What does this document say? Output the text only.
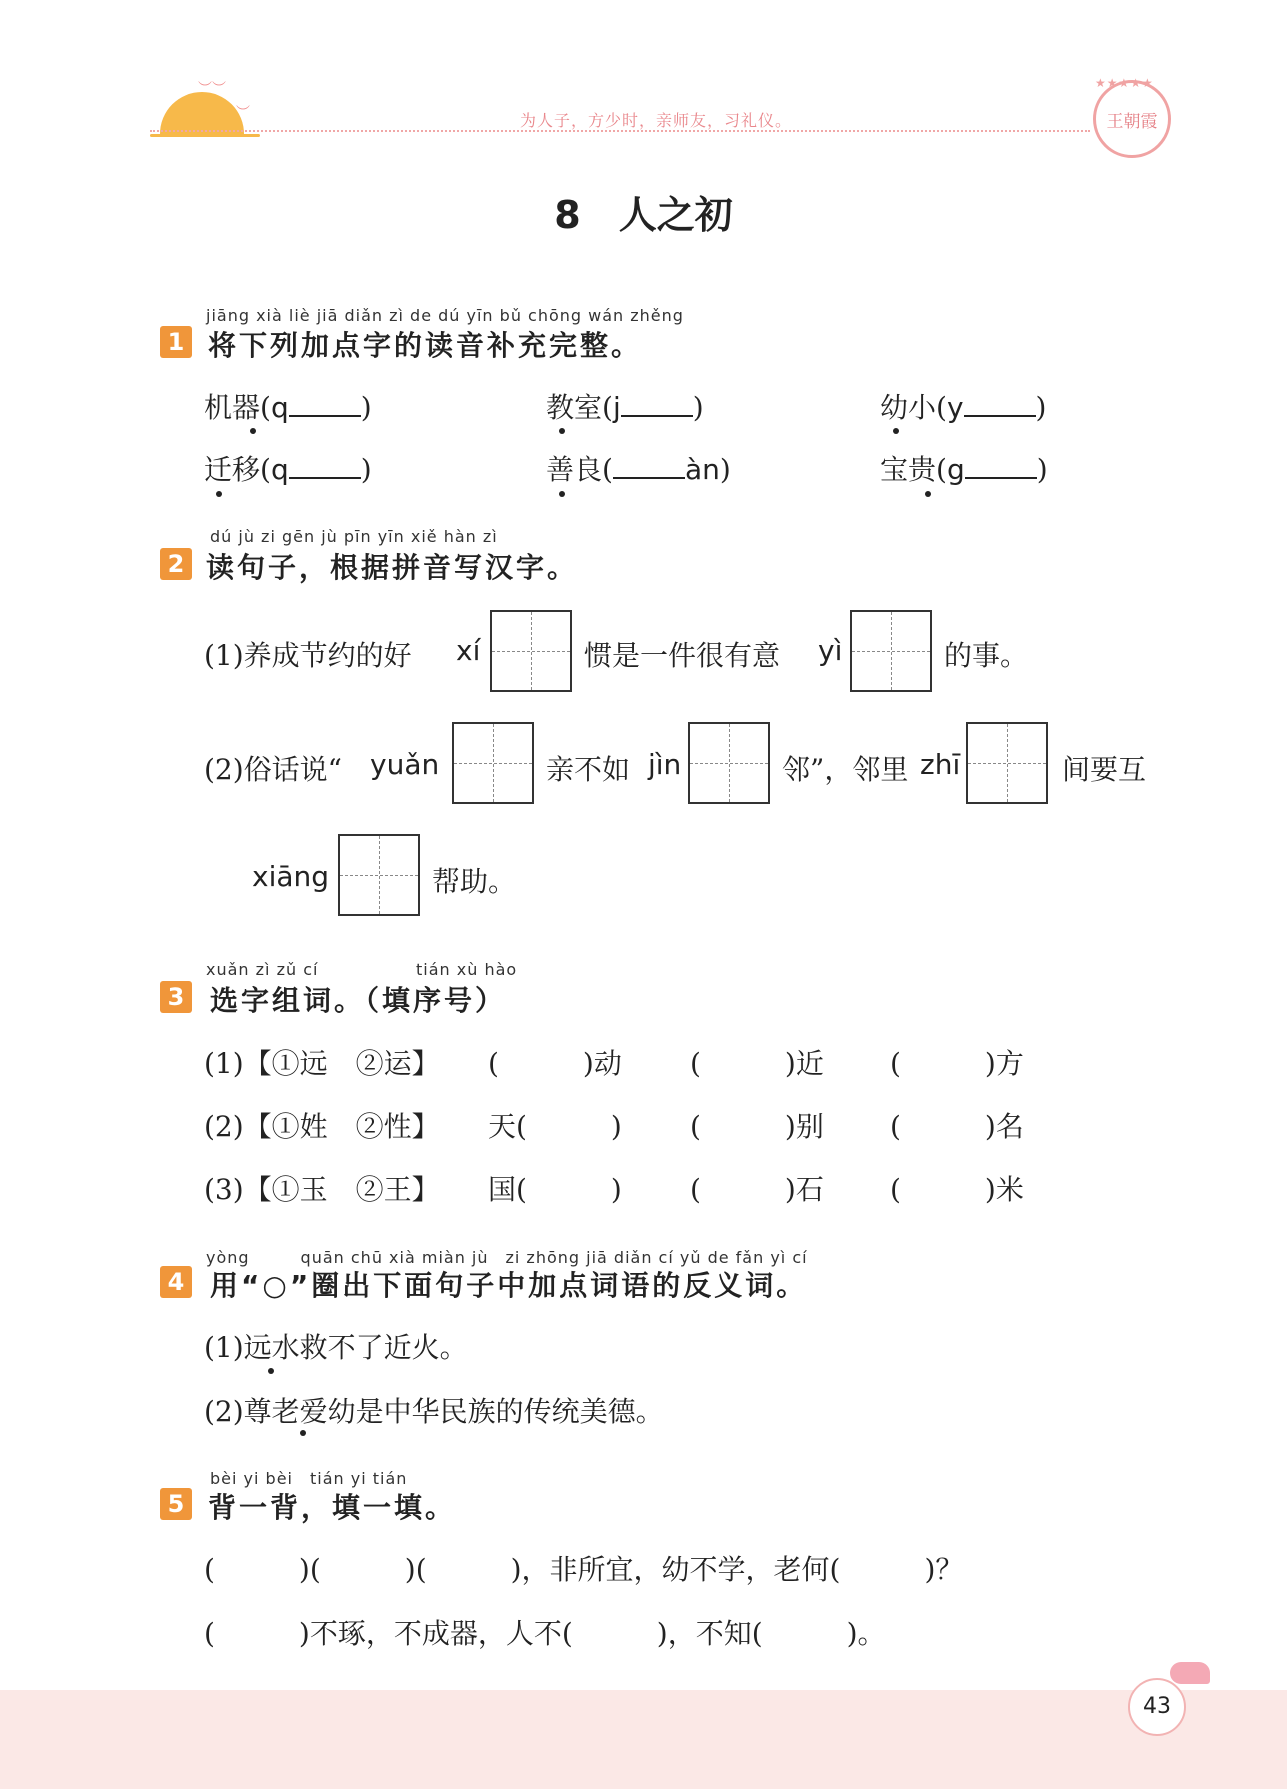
︶︶
︶	为人子，方少时，亲师友，习礼仪。
★★★★★
王朝霞
8 人之初
jiāng xià liè jiā diǎn zì de dú yīn bǔ chōng wán zhěng
1 将下列加点字的读音补充完整。
机器(q	)	教室(j	)	幼小(y	)
迁移(q	)	善良(	àn)	宝贵(g	)
dú jù zi gēn jù pīn yīn xiě hàn zì
2 读句子，根据拼音写汉字。
(1)养成节约的好 xí	惯是一件很有意 yì	的事。
(2)俗话说“ yuǎn	亲不如 jìn	邻”，邻里 zhī	间要互
xiāng	帮助。
xuǎn zì zǔ cí	tián xù hào
3 选字组词。（填序号）
(1)【①远　②运】 (　　　)动 (　　　)近 (　　　)方
(2)【①姓　②性】 天(　　　) (　　　)别 (　　　)名
(3)【①玉　②王】 国(　　　) (　　　)石 (　　　)米
yòng　　　quān chū xià miàn jù　zi zhōng jiā diǎn cí yǔ de fǎn yì cí
4 用“○”圈出下面句子中加点词语的反义词。
(1)远水救不了近火。
(2)尊老爱幼是中华民族的传统美德。
bèi yi bèi　tián yi tián
5 背一背，填一填。
(　　　)(　　　)(　　　)，非所宜，幼不学，老何(　　　)？
(　　　)不琢，不成器，人不(　　　)，不知(　　　)。
43
